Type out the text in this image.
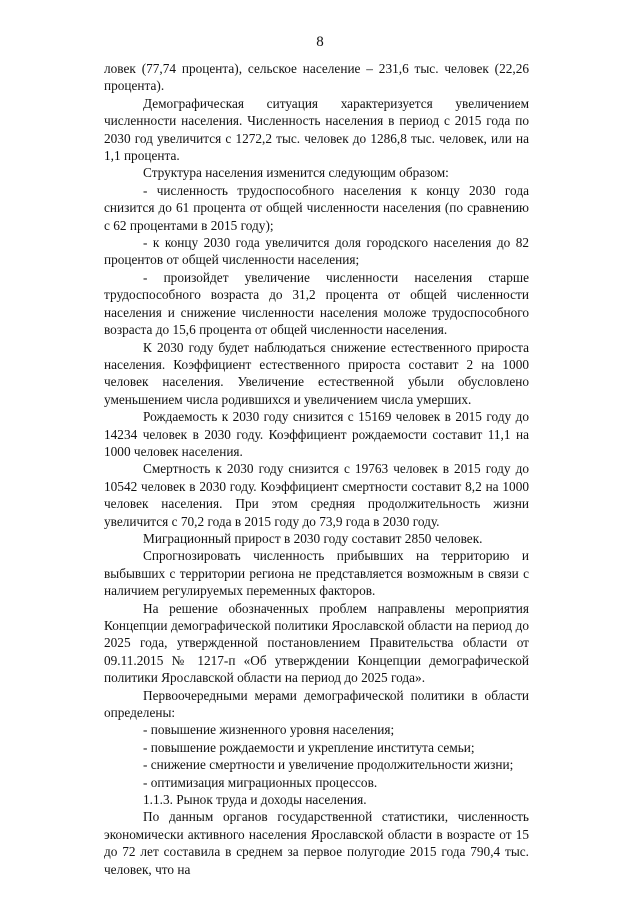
8

ловек (77,74 процента), сельское население – 231,6 тыс. человек (22,26 процента).

Демографическая ситуация характеризуется увеличением численности населения. Численность населения в период с 2015 года по 2030 год увеличится с 1272,2 тыс. человек до 1286,8 тыс. человек, или на 1,1 процента.

Структура населения изменится следующим образом:

- численность трудоспособного населения к концу 2030 года снизится до 61 процента от общей численности населения (по сравнению с 62 процентами в 2015 году);

- к концу 2030 года увеличится доля городского населения до 82 процентов от общей численности населения;

- произойдет увеличение численности населения старше трудоспособного возраста до 31,2 процента от общей численности населения и снижение численности населения моложе трудоспособного возраста до 15,6 процента от общей численности населения.

К 2030 году будет наблюдаться снижение естественного прироста населения. Коэффициент естественного прироста составит 2 на 1000 человек населения. Увеличение естественной убыли обусловлено уменьшением числа родившихся и увеличением числа умерших.

Рождаемость к 2030 году снизится с 15169 человек в 2015 году до 14234 человек в 2030 году. Коэффициент рождаемости составит 11,1 на 1000 человек населения.

Смертность к 2030 году снизится с 19763 человек в 2015 году до 10542 человек в 2030 году. Коэффициент смертности составит 8,2 на 1000 человек населения. При этом средняя продолжительность жизни увеличится с 70,2 года в 2015 году до 73,9 года в 2030 году.

Миграционный прирост в 2030 году составит 2850 человек.

Спрогнозировать численность прибывших на территорию и выбывших с территории региона не представляется возможным в связи с наличием регулируемых переменных факторов.

На решение обозначенных проблем направлены мероприятия Концепции демографической политики Ярославской области на период до 2025 года, утвержденной постановлением Правительства области от 09.11.2015 № 1217-п «Об утверждении Концепции демографической политики Ярославской области на период до 2025 года».

Первоочередными мерами демографической политики в области определены:

- повышение жизненного уровня населения;

- повышение рождаемости и укрепление института семьи;

- снижение смертности и увеличение продолжительности жизни;

- оптимизация миграционных процессов.

1.1.3. Рынок труда и доходы населения.

По данным органов государственной статистики, численность экономически активного населения Ярославской области в возрасте от 15 до 72 лет составила в среднем за первое полугодие 2015 года 790,4 тыс. человек, что на
